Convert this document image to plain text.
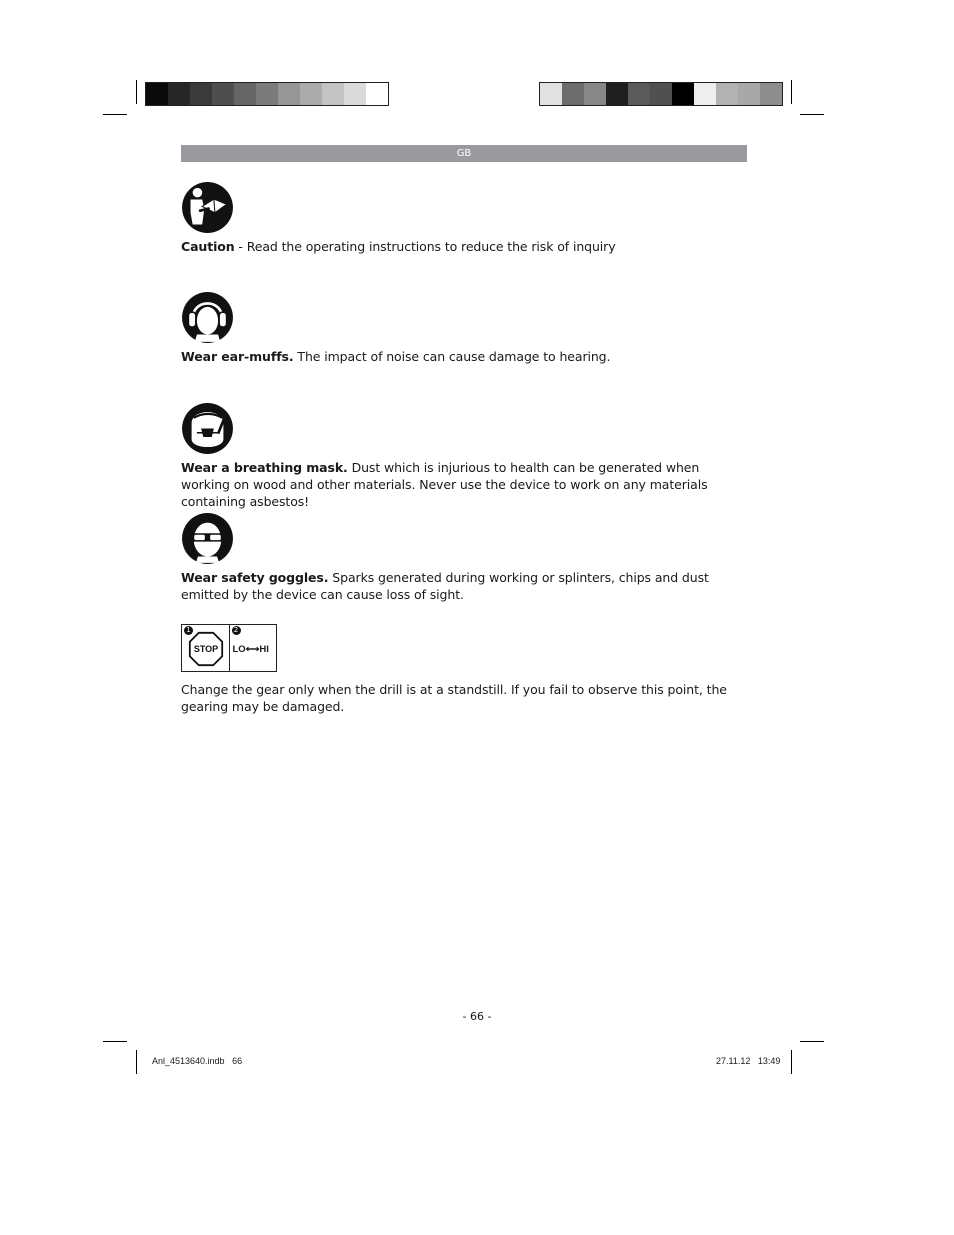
GB

Caution - Read the operating instructions to reduce the risk of inquiry

Wear ear-muffs. The impact of noise can cause damage to hearing.

Wear a breathing mask. Dust which is injurious to health can be generated when working on wood and other materials. Never use the device to work on any materials containing asbestos!

Wear safety goggles. Sparks generated during working or splinters, chips and dust emitted by the device can cause loss of sight.

1
STOP
2
LO⟷HI

Change the gear only when the drill is at a standstill. If you fail to observe this point, the gearing may be damaged.

- 66 -
Anl_4513640.indb   66	27.11.12   13:49
